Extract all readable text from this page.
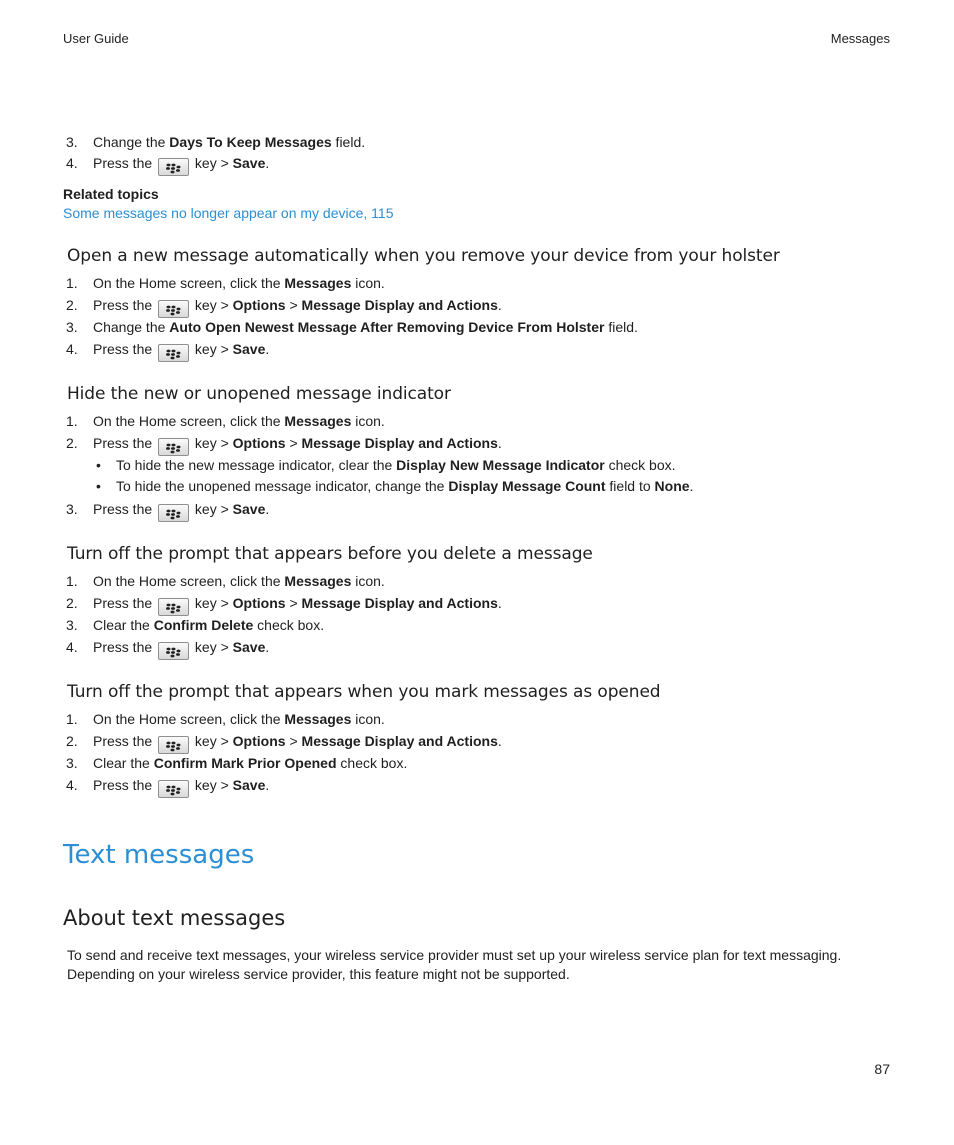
User Guide	Messages
3. Change the Days To Keep Messages field.
4. Press the	key > Save.
Related topics
Some messages no longer appear on my device, 115
Open a new message automatically when you remove your device from your holster
1. On the Home screen, click the Messages icon.
2. Press the	key > Options > Message Display and Actions.
3. Change the Auto Open Newest Message After Removing Device From Holster field.
4. Press the	key > Save.
Hide the new or unopened message indicator
1. On the Home screen, click the Messages icon.
2. Press the	key > Options > Message Display and Actions.
• To hide the new message indicator, clear the Display New Message Indicator check box.
• To hide the unopened message indicator, change the Display Message Count field to None.
3. Press the	key > Save.
Turn off the prompt that appears before you delete a message
1. On the Home screen, click the Messages icon.
2. Press the	key > Options > Message Display and Actions.
3. Clear the Confirm Delete check box.
4. Press the	key > Save.
Turn off the prompt that appears when you mark messages as opened
1. On the Home screen, click the Messages icon.
2. Press the	key > Options > Message Display and Actions.
3. Clear the Confirm Mark Prior Opened check box.
4. Press the	key > Save.
Text messages
About text messages
To send and receive text messages, your wireless service provider must set up your wireless service plan for text messaging. Depending on your wireless service provider, this feature might not be supported.
87
